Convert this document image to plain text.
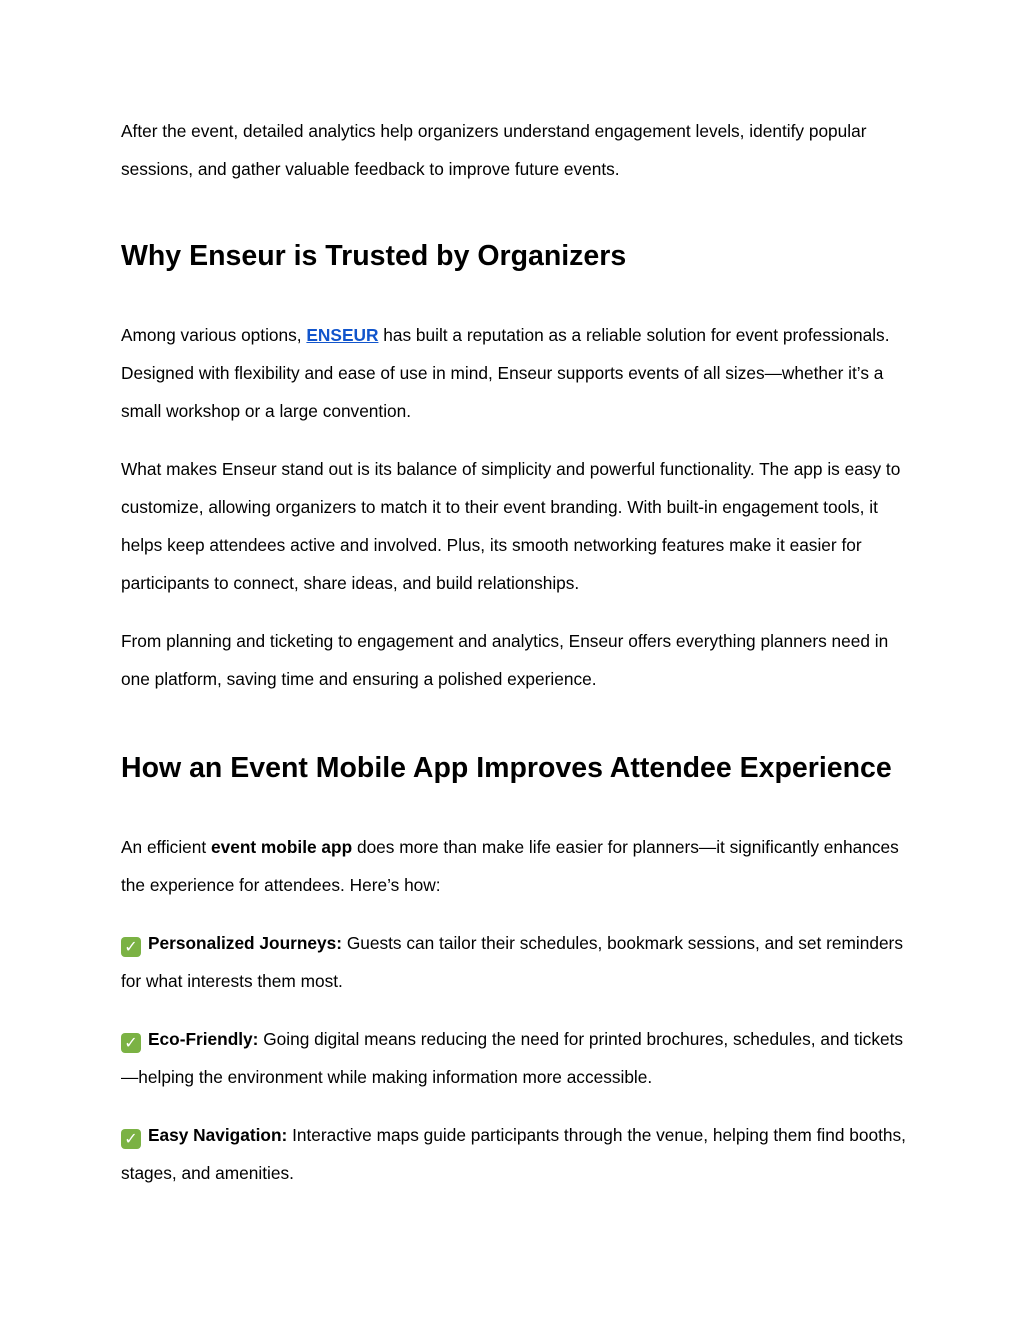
After the event, detailed analytics help organizers understand engagement levels, identify popular sessions, and gather valuable feedback to improve future events.

Why Enseur is Trusted by Organizers

Among various options, ENSEUR has built a reputation as a reliable solution for event professionals. Designed with flexibility and ease of use in mind, Enseur supports events of all sizes—whether it’s a small workshop or a large convention.

What makes Enseur stand out is its balance of simplicity and powerful functionality. The app is easy to customize, allowing organizers to match it to their event branding. With built-in engagement tools, it helps keep attendees active and involved. Plus, its smooth networking features make it easier for participants to connect, share ideas, and build relationships.

From planning and ticketing to engagement and analytics, Enseur offers everything planners need in one platform, saving time and ensuring a polished experience.

How an Event Mobile App Improves Attendee Experience

An efficient event mobile app does more than make life easier for planners—it significantly enhances the experience for attendees. Here’s how:

✓ Personalized Journeys: Guests can tailor their schedules, bookmark sessions, and set reminders for what interests them most.

✓ Eco-Friendly: Going digital means reducing the need for printed brochures, schedules, and tickets—helping the environment while making information more accessible.

✓ Easy Navigation: Interactive maps guide participants through the venue, helping them find booths, stages, and amenities.
